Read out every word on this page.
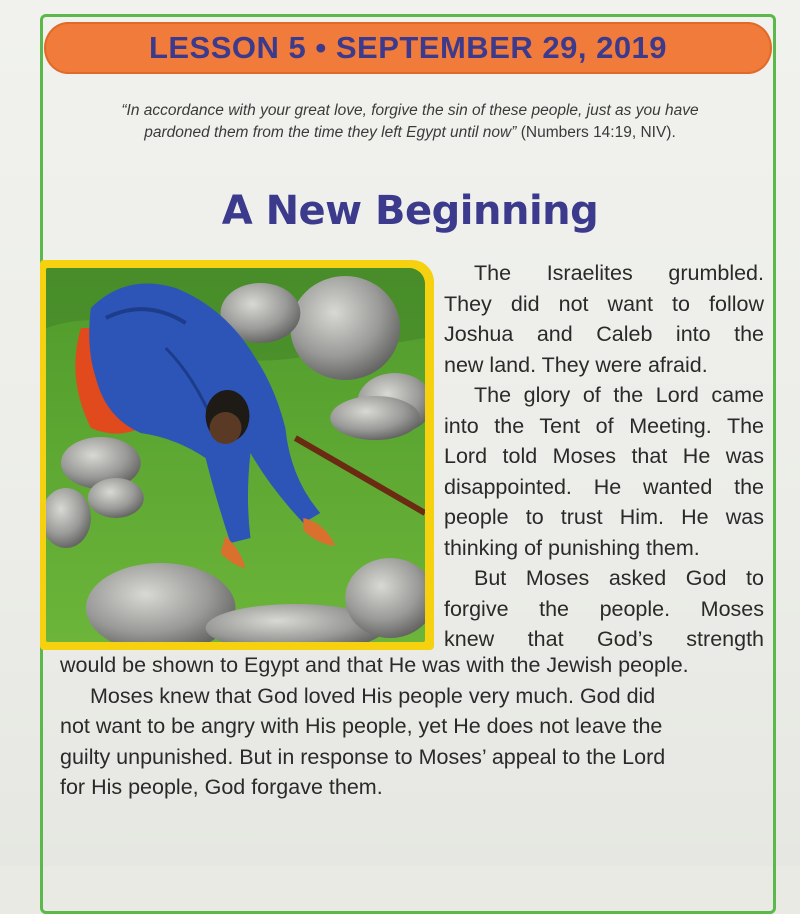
LESSON 5 • SEPTEMBER 29, 2019
“In accordance with your great love, forgive the sin of these people, just as you have
pardoned them from the time they left Egypt until now” (Numbers 14:19, NIV).
A New Beginning

The Israelites grumbled.

They did not want to follow

Joshua and Caleb into the

new land. They were afraid.

The glory of the Lord came

into the Tent of Meeting. The

Lord told Moses that He was

disappointed. He wanted the

people to trust Him. He was

thinking of punishing them.

But Moses asked God to

forgive the people. Moses

knew that God’s strength

would be shown to Egypt and that He was with the Jewish people.

Moses knew that God loved His people very much. God did

not want to be angry with His people, yet He does not leave the

guilty unpunished. But in response to Moses’ appeal to the Lord

for His people, God forgave them.
